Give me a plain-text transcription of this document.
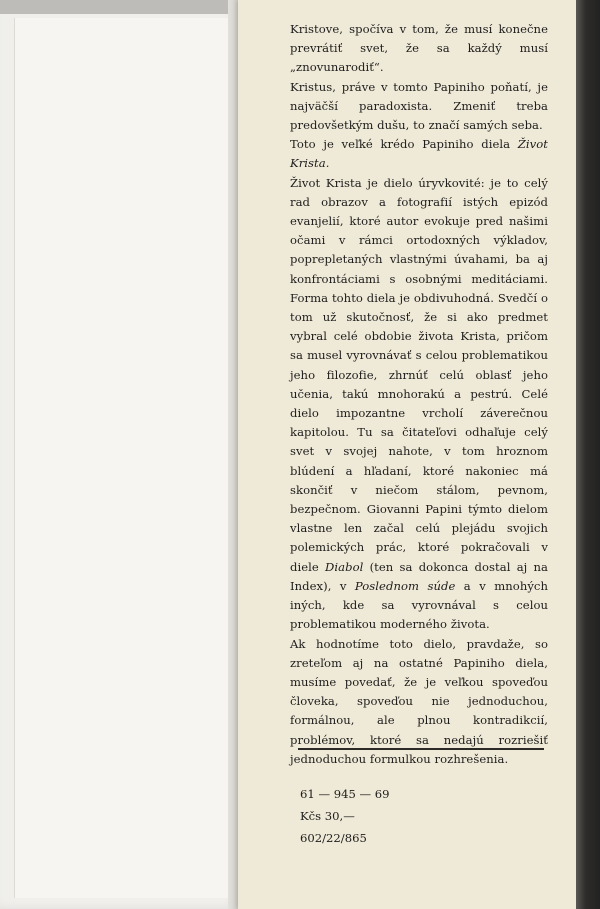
Kristove, spočíva v tom, že musí konečne prevrátiť svet, že sa každý musí „znovunarodiť“.

Kristus, práve v tomto Papiniho poňatí, je najväčší paradoxista. Zmeniť treba predovšetkým dušu, to značí samých seba.

Toto je veľké krédo Papiniho diela Život Krista.

Život Krista je dielo úryvkovité: je to celý rad obrazov a fotografií istých epizód evanjelií, ktoré autor evokuje pred našimi očami v rámci ortodoxných výkladov, poprepletaných vlastnými úvahami, ba aj konfrontáciami s osobnými meditáciami. Forma tohto diela je obdivuhodná. Svedčí o tom už skutočnosť, že si ako predmet vybral celé obdobie života Krista, pričom sa musel vyrovnávať s celou problematikou jeho filozofie, zhrnúť celú oblasť jeho učenia, takú mnohorakú a pestrú. Celé dielo impozantne vrcholí záverečnou kapitolou. Tu sa čitateľovi odhaľuje celý svet v svojej nahote, v tom hroznom blúdení a hľadaní, ktoré nakoniec má skončiť v niečom stálom, pevnom, bezpečnom. Giovanni Papini týmto dielom vlastne len začal celú plejádu svojich polemických prác, ktoré pokračovali v diele Diabol (ten sa dokonca dostal aj na Index), v Poslednom súde a v mnohých iných, kde sa vyrovnával s celou problematikou moderného života.

Ak hodnotíme toto dielo, pravdaže, so zreteľom aj na ostatné Papiniho diela, musíme povedať, že je veľkou spoveďou človeka, spoveďou nie jednoduchou, formálnou, ale plnou kontradikcií, problémov, ktoré sa nedajú rozriešiť jednoduchou formulkou rozhrešenia.

61 — 945 — 69
Kčs 30,—
602/22/865
